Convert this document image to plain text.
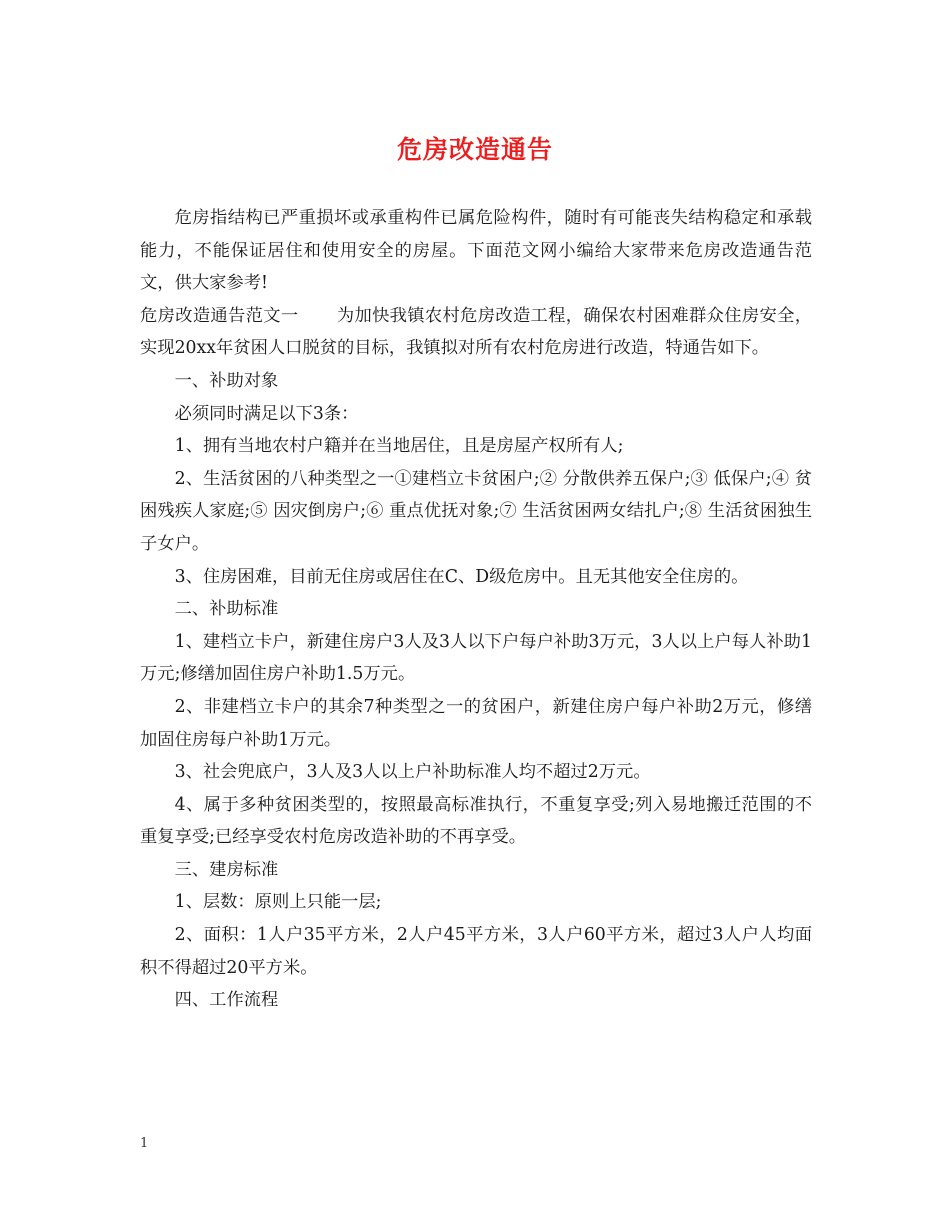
危房改造通告

危房指结构已严重损坏或承重构件已属危险构件，随时有可能丧失结构稳定和承载能力，不能保证居住和使用安全的房屋。下面范文网小编给大家带来危房改造通告范文，供大家参考!

危房改造通告范文一 为加快我镇农村危房改造工程，确保农村困难群众住房安全，实现20xx年贫困人口脱贫的目标，我镇拟对所有农村危房进行改造，特通告如下。

一、补助对象

必须同时满足以下3条：

1、拥有当地农村户籍并在当地居住，且是房屋产权所有人;

2、生活贫困的八种类型之一①建档立卡贫困户;② 分散供养五保户;③ 低保户;④ 贫困残疾人家庭;⑤ 因灾倒房户;⑥ 重点优抚对象;⑦ 生活贫困两女结扎户;⑧ 生活贫困独生子女户。

3、住房困难，目前无住房或居住在C、D级危房中。且无其他安全住房的。

二、补助标准

1、建档立卡户，新建住房户3人及3人以下户每户补助3万元，3人以上户每人补助1万元;修缮加固住房户补助1.5万元。

2、非建档立卡户的其余7种类型之一的贫困户，新建住房户每户补助2万元，修缮加固住房每户补助1万元。

3、社会兜底户，3人及3人以上户补助标准人均不超过2万元。

4、属于多种贫困类型的，按照最高标准执行，不重复享受;列入易地搬迁范围的不重复享受;已经享受农村危房改造补助的不再享受。

三、建房标准

1、层数：原则上只能一层;

2、面积：1人户35平方米，2人户45平方米，3人户60平方米，超过3人户人均面积不得超过20平方米。

四、工作流程

1
